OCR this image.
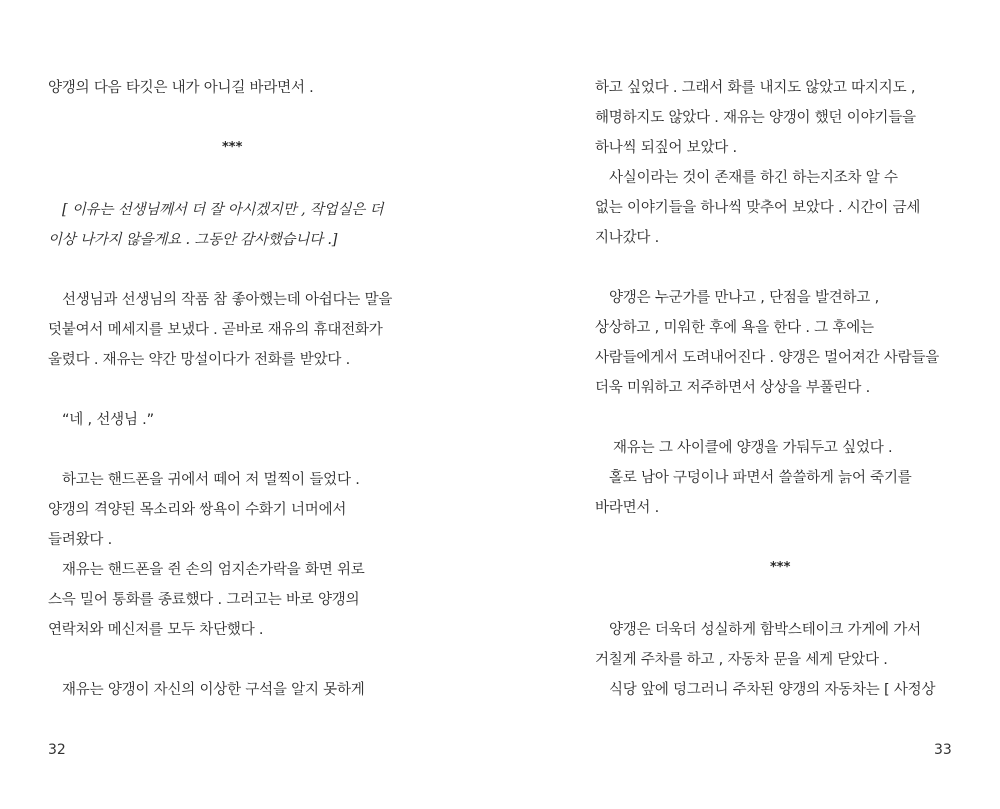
양갱의 다음 타깃은 내가 아니길 바라면서 .
***
[ 이유는 선생님께서 더 잘 아시겠지만 , 작업실은 더
이상 나가지 않을게요 . 그동안 감사했습니다 .]
선생님과 선생님의 작품 참 좋아했는데 아쉽다는 말을
덧붙여서 메세지를 보냈다 . 곧바로 재유의 휴대전화가
울렸다 . 재유는 약간 망설이다가 전화를 받았다 .
“네 , 선생님 .”
하고는 핸드폰을 귀에서 떼어 저 멀찍이 들었다 .
양갱의 격양된 목소리와 쌍욕이 수화기 너머에서
들려왔다 .
재유는 핸드폰을 쥔 손의 엄지손가락을 화면 위로
스윽 밀어 통화를 종료했다 . 그러고는 바로 양갱의
연락처와 메신저를 모두 차단했다 .
재유는 양갱이 자신의 이상한 구석을 알지 못하게
32
하고 싶었다 . 그래서 화를 내지도 않았고 따지지도 ,
해명하지도 않았다 . 재유는 양갱이 했던 이야기들을
하나씩 되짚어 보았다 .
사실이라는 것이 존재를 하긴 하는지조차 알 수
없는 이야기들을 하나씩 맞추어 보았다 . 시간이 금세
지나갔다 .
양갱은 누군가를 만나고 , 단점을 발견하고 ,
상상하고 , 미워한 후에 욕을 한다 . 그 후에는
사람들에게서 도려내어진다 . 양갱은 멀어져간 사람들을
더욱 미워하고 저주하면서 상상을 부풀린다 .
재유는 그 사이클에 양갱을 가둬두고 싶었다 .
홀로 남아 구덩이나 파면서 쓸쓸하게 늙어 죽기를
바라면서 .
***
양갱은 더욱더 성실하게 함박스테이크 가게에 가서
거칠게 주차를 하고 , 자동차 문을 세게 닫았다 .
식당 앞에 덩그러니 주차된 양갱의 자동차는 [ 사정상
33
